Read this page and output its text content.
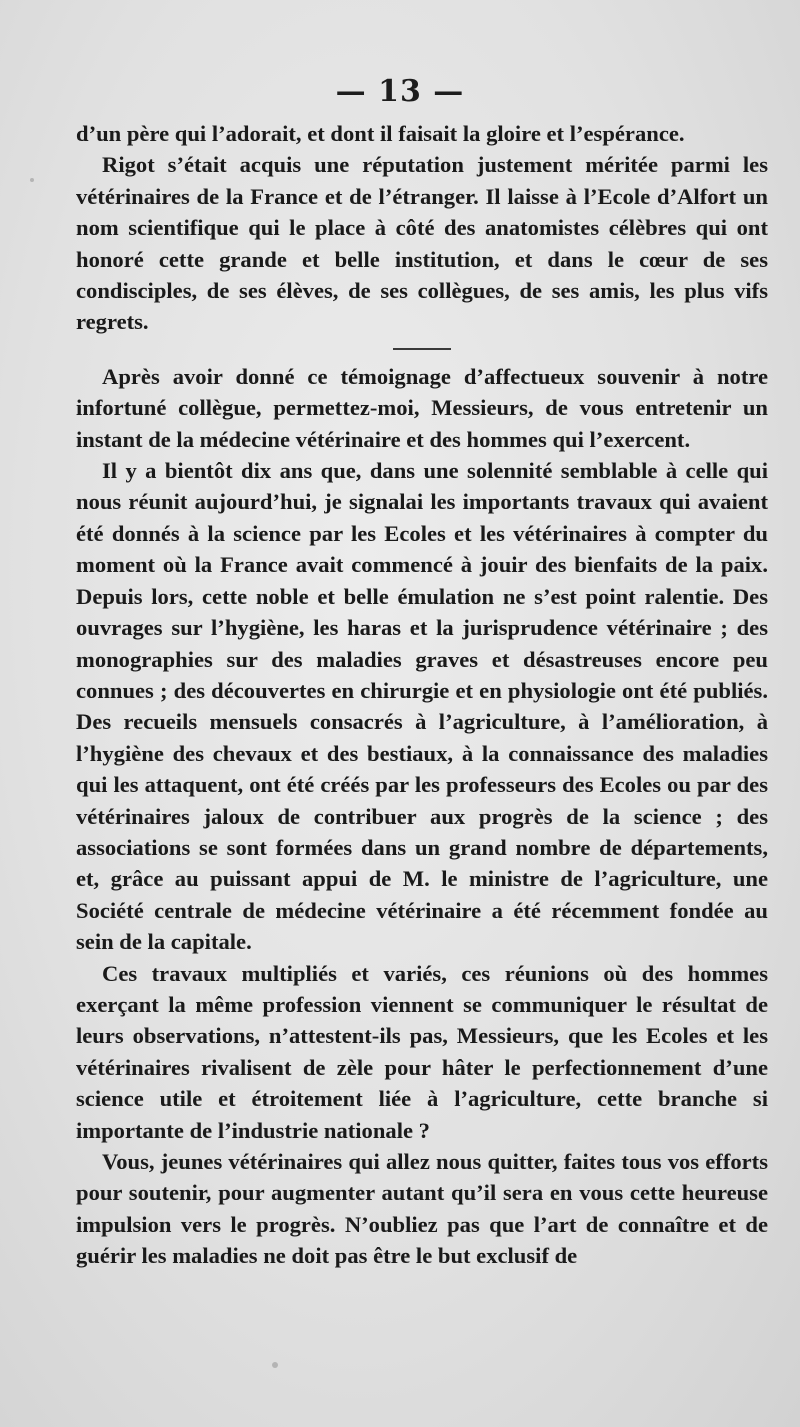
— 13 —

d’un père qui l’adorait, et dont il faisait la gloire et l’espérance.

Rigot s’était acquis une réputation justement méritée parmi les vétérinaires de la France et de l’étranger. Il laisse à l’Ecole d’Alfort un nom scientifique qui le place à côté des anatomistes célèbres qui ont honoré cette grande et belle institution, et dans le cœur de ses condisciples, de ses élèves, de ses collègues, de ses amis, les plus vifs regrets.

Après avoir donné ce témoignage d’affectueux souvenir à notre infortuné collègue, permettez-moi, Messieurs, de vous entretenir un instant de la médecine vétérinaire et des hommes qui l’exercent.

Il y a bientôt dix ans que, dans une solennité semblable à celle qui nous réunit aujourd’hui, je signalai les importants travaux qui avaient été donnés à la science par les Ecoles et les vétérinaires à compter du moment où la France avait commencé à jouir des bienfaits de la paix. Depuis lors, cette noble et belle émulation ne s’est point ralentie. Des ouvrages sur l’hygiène, les haras et la jurisprudence vétérinaire ; des monographies sur des maladies graves et désastreuses encore peu connues ; des découvertes en chirurgie et en physiologie ont été publiés. Des recueils mensuels consacrés à l’agriculture, à l’amélioration, à l’hygiène des chevaux et des bestiaux, à la connaissance des maladies qui les attaquent, ont été créés par les professeurs des Ecoles ou par des vétérinaires jaloux de contribuer aux progrès de la science ; des associations se sont formées dans un grand nombre de départements, et, grâce au puissant appui de M. le ministre de l’agriculture, une Société centrale de médecine vétérinaire a été récemment fondée au sein de la capitale.

Ces travaux multipliés et variés, ces réunions où des hommes exerçant la même profession viennent se communiquer le résultat de leurs observations, n’attestent-ils pas, Messieurs, que les Ecoles et les vétérinaires rivalisent de zèle pour hâter le perfectionnement d’une science utile et étroitement liée à l’agriculture, cette branche si importante de l’industrie nationale ?

Vous, jeunes vétérinaires qui allez nous quitter, faites tous vos efforts pour soutenir, pour augmenter autant qu’il sera en vous cette heureuse impulsion vers le progrès. N’oubliez pas que l’art de connaître et de guérir les maladies ne doit pas être le but exclusif de
